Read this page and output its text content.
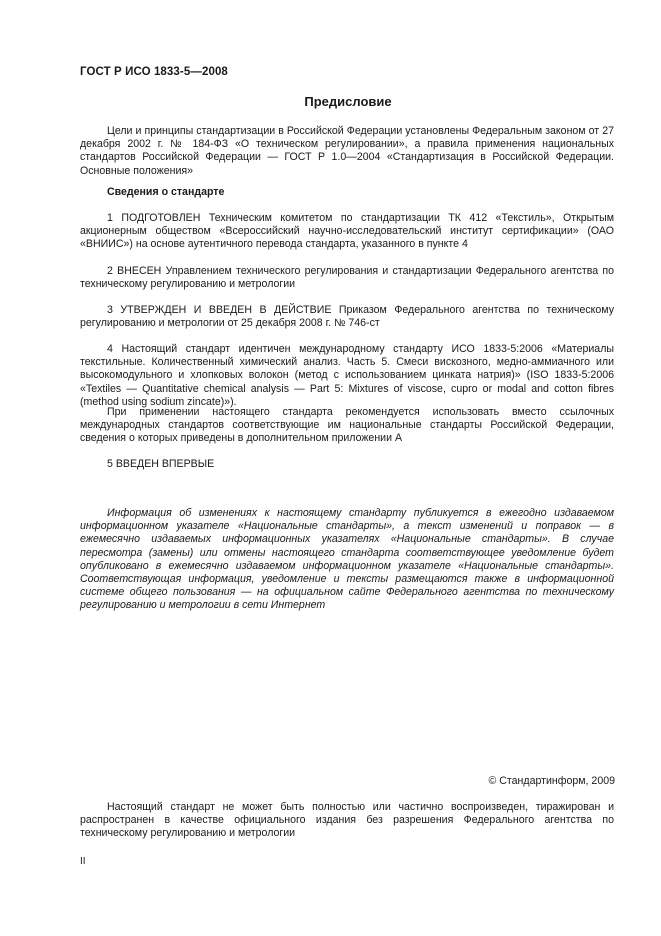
ГОСТ Р ИСО 1833-5—2008
Предисловие

Цели и принципы стандартизации в Российской Федерации установлены Федеральным законом от 27 декабря 2002 г. № 184-ФЗ «О техническом регулировании», а правила применения национальных стандартов Российской Федерации — ГОСТ Р 1.0—2004 «Стандартизация в Российской Федерации. Основные положения»

Сведения о стандарте

1 ПОДГОТОВЛЕН Техническим комитетом по стандартизации ТК 412 «Текстиль», Открытым акционерным обществом «Всероссийский научно-исследовательский институт сертификации» (ОАО «ВНИИС») на основе аутентичного перевода стандарта, указанного в пункте 4

2 ВНЕСЕН Управлением технического регулирования и стандартизации Федерального агентства по техническому регулированию и метрологии

3 УТВЕРЖДЕН И ВВЕДЕН В ДЕЙСТВИЕ Приказом Федерального агентства по техническому регулированию и метрологии от 25 декабря 2008 г. № 746-ст

4 Настоящий стандарт идентичен международному стандарту ИСО 1833-5:2006 «Материалы текстильные. Количественный химический анализ. Часть 5. Смеси вискозного, медно-аммиачного или высокомодульного и хлопковых волокон (метод с использованием цинката натрия)» (ISO 1833-5:2006 «Textiles — Quantitative chemical analysis — Part 5: Mixtures of viscose, cupro or modal and cotton fibres (method using sodium zincate)»).

При применении настоящего стандарта рекомендуется использовать вместо ссылочных международных стандартов соответствующие им национальные стандарты Российской Федерации, сведения о которых приведены в дополнительном приложении А

5 ВВЕДЕН ВПЕРВЫЕ

Информация об изменениях к настоящему стандарту публикуется в ежегодно издаваемом информационном указателе «Национальные стандарты», а текст изменений и поправок — в ежемесячно издаваемых информационных указателях «Национальные стандарты». В случае пересмотра (замены) или отмены настоящего стандарта соответствующее уведомление будет опубликовано в ежемесячно издаваемом информационном указателе «Национальные стандарты». Соответствующая информация, уведомление и тексты размещаются также в информационной системе общего пользования — на официальном сайте Федерального агентства по техническому регулированию и метрологии в сети Интернет

© Стандартинформ, 2009

Настоящий стандарт не может быть полностью или частично воспроизведен, тиражирован и распространен в качестве официального издания без разрешения Федерального агентства по техническому регулированию и метрологии

II
